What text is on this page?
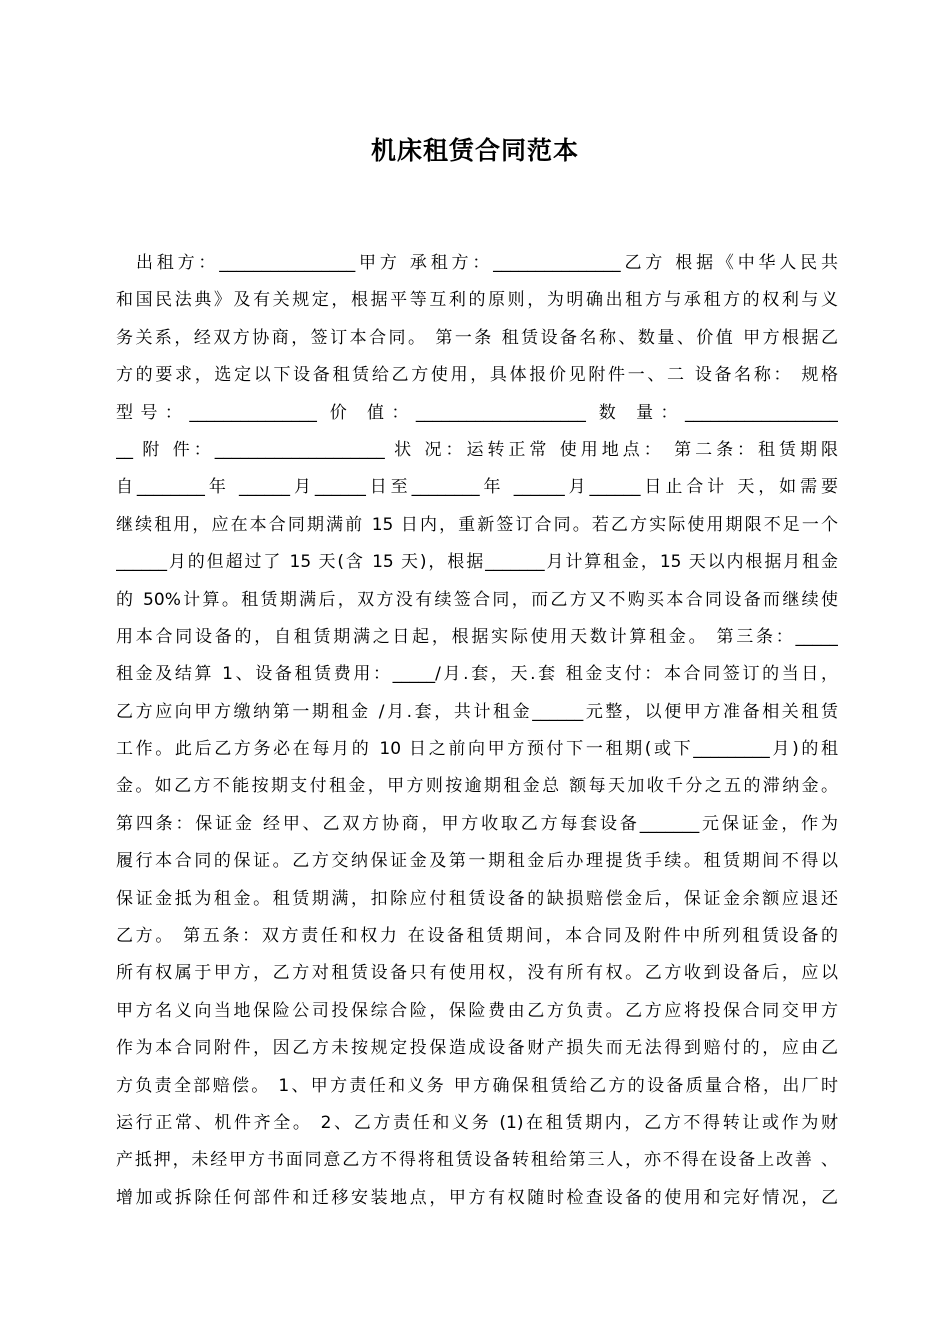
机床租赁合同范本
出租方：________________甲方 承租方：_______________乙方 根据《中华人民共
和国民法典》及有关规定，根据平等互利的原则，为明确出租方与承租方的权利与义
务关系，经双方协商，签订本合同。 第一条 租赁设备名称、数量、价值 甲方根据乙
方的要求，选定以下设备租赁给乙方使用，具体报价见附件一、二 设备名称： 规格
型号：_______________ 价 值：____________________ 数 量：__________________
__ 附 件：____________________ 状 况：运转正常 使用地点： 第二条：租赁期限
自________年 ______月______日至________年 ______月______日止合计 天，如需要
继续租用，应在本合同期满前 15 日内，重新签订合同。若乙方实际使用期限不足一个
______月的但超过了 15 天(含 15 天)，根据_______月计算租金，15 天以内根据月租金
的 50%计算。租赁期满后，双方没有续签合同，而乙方又不购买本合同设备而继续使
用本合同设备的，自租赁期满之日起，根据实际使用天数计算租金。 第三条：_____
租金及结算 1、设备租赁费用：_____/月.套，天.套 租金支付：本合同签订的当日，
乙方应向甲方缴纳第一期租金 /月.套，共计租金______元整，以便甲方准备相关租赁
工作。此后乙方务必在每月的 10 日之前向甲方预付下一租期(或下_________月)的租
金。如乙方不能按期支付租金，甲方则按逾期租金总 额每天加收千分之五的滞纳金。
第四条：保证金 经甲、乙双方协商，甲方收取乙方每套设备_______元保证金，作为
履行本合同的保证。乙方交纳保证金及第一期租金后办理提货手续。租赁期间不得以
保证金抵为租金。租赁期满，扣除应付租赁设备的缺损赔偿金后，保证金余额应退还
乙方。 第五条：双方责任和权力 在设备租赁期间，本合同及附件中所列租赁设备的
所有权属于甲方，乙方对租赁设备只有使用权，没有所有权。乙方收到设备后，应以
甲方名义向当地保险公司投保综合险，保险费由乙方负责。乙方应将投保合同交甲方
作为本合同附件，因乙方未按规定投保造成设备财产损失而无法得到赔付的，应由乙
方负责全部赔偿。 1、甲方责任和义务 甲方确保租赁给乙方的设备质量合格，出厂时
运行正常、机件齐全。 2、乙方责任和义务 (1)在租赁期内，乙方不得转让或作为财
产抵押，未经甲方书面同意乙方不得将租赁设备转租给第三人，亦不得在设备上改善 、
增加或拆除任何部件和迁移安装地点，甲方有权随时检查设备的使用和完好情况，乙
